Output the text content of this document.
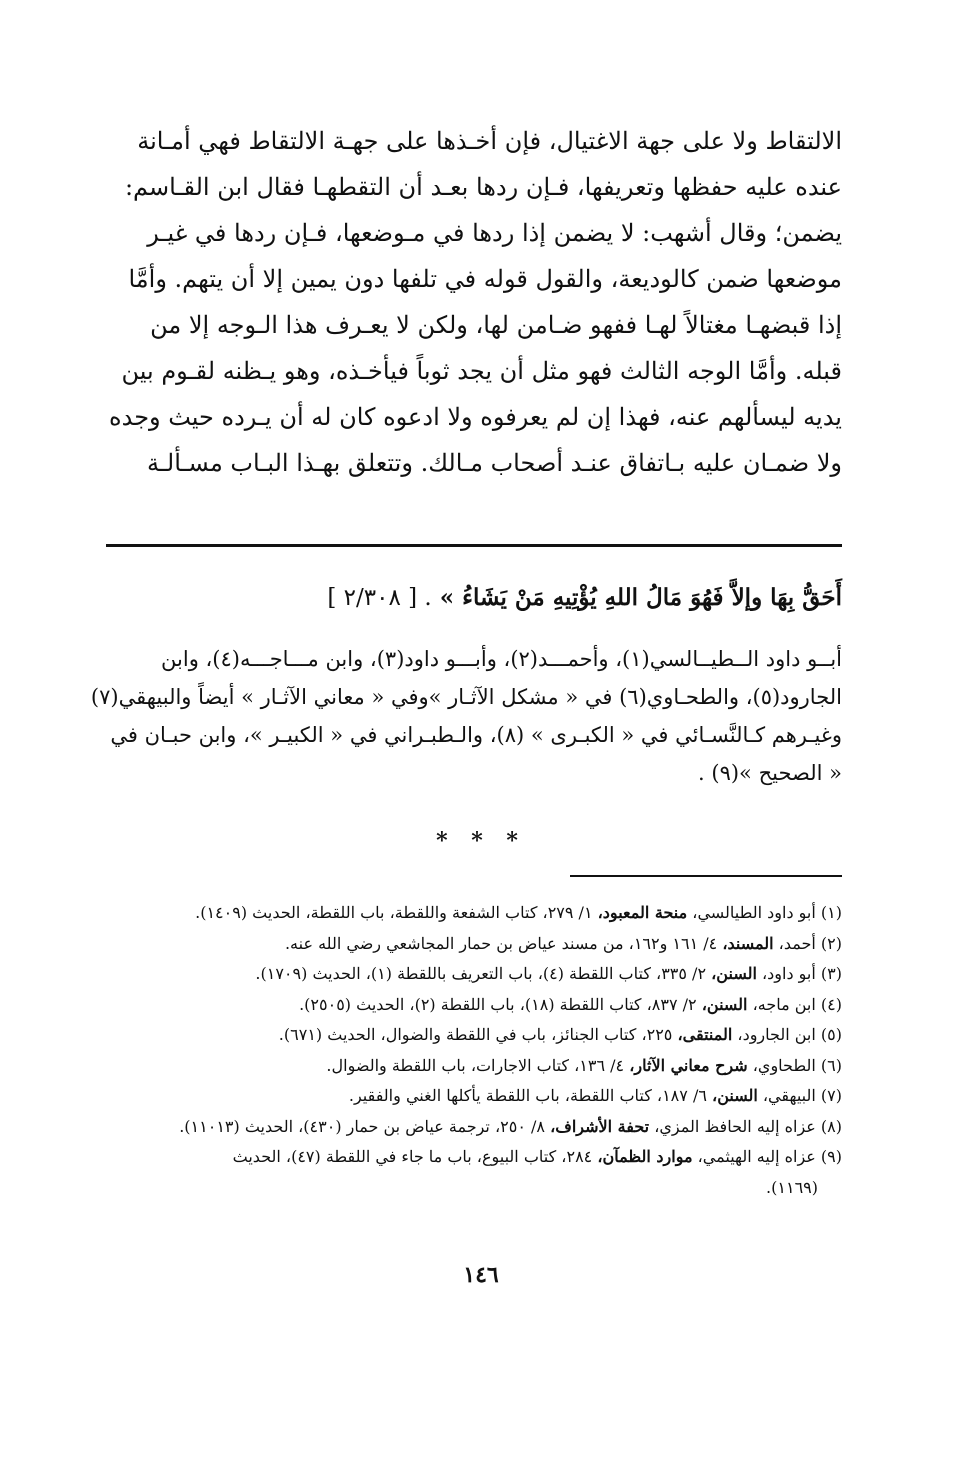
الالتقاط ولا على جهة الاغتيال، فإن أخـذها على جهـة الالتقاط فهي أمـانة
عنده عليه حفظها وتعريفها، فـإن ردها بعـد أن التقطهـا فقال ابن القـاسم:
يضمن؛ وقال أشهب: لا يضمن إذا ردها في مـوضعها، فـإن ردها في غيـر
موضعها ضمن كالوديعة، والقول قوله في تلفها دون يمين إلا أن يتهم. وأمَّا
إذا قبضهـا مغتالاً لهـا ففهو ضـامن لها، ولكن لا يعـرف هذا الـوجه إلا من
قبله. وأمَّا الوجه الثالث فهو مثل أن يجد ثوباً فيأخـذه، وهو يـظنه لقـوم بين
يديه ليسألهم عنه، فهذا إن لم يعرفوه ولا ادعوه كان له أن يـرده حيث وجده
ولا ضمـان عليه بـاتفاق عنـد أصحاب مـالك. وتتعلق بهـذا البـاب مسـألـة
أَحَقُّ بِهَا وإلاَّ فَهُوَ مَالُ اللهِ يُؤْتِيهِ مَنْ يَشَاءُ » . [ ٢/٣٠٨ ]
أبــو داود الــطيــالسي(١)، وأحمـــد(٢)، وأبـــو داود(٣)، وابن مـــاجـــه(٤)، وابن
الجارود(٥)، والطحـاوي(٦) في « مشكل الآثـار »وفي « معاني الآثـار » أيضاً والبيهقي(٧)
وغيـرهم كـالنَّسـائي في « الكبـرى » (٨)، والـطبـراني في « الكبيـر »، وابن حبـان في
« الصحيح »(٩) .
* * *
(١) أبو داود الطيالسي، منحة المعبود، ١/ ٢٧٩، كتاب الشفعة واللقطة، باب اللقطة، الحديث (١٤٠٩).
(٢) أحمد، المسند، ٤/ ١٦١ و١٦٢، من مسند عياض بن حمار المجاشعي رضي الله عنه.
(٣) أبو داود، السنن، ٢/ ٣٣٥، كتاب اللقطة (٤)، باب التعريف باللقطة (١)، الحديث (١٧٠٩).
(٤) ابن ماجه، السنن، ٢/ ٨٣٧، كتاب اللقطة (١٨)، باب اللقطة (٢)، الحديث (٢٥٠٥).
(٥) ابن الجارود، المنتقى، ٢٢٥، كتاب الجنائز، باب في اللقطة والضوال، الحديث (٦٧١).
(٦) الطحاوي، شرح معاني الآثار، ٤/ ١٣٦، كتاب الاجارات، باب اللقطة والضوال.
(٧) البيهقي، السنن، ٦/ ١٨٧، كتاب اللقطة، باب اللقطة يأكلها الغني والفقير.
(٨) عزاه إليه الحافظ المزي، تحفة الأشراف، ٨/ ٢٥٠، ترجمة عياض بن حمار (٤٣٠)، الحديث (١١٠١٣).
(٩) عزاه إليه الهيثمي، موارد الظمآن، ٢٨٤، كتاب البيوع، باب ما جاء في اللقطة (٤٧)، الحديث
(١١٦٩).
١٤٦
